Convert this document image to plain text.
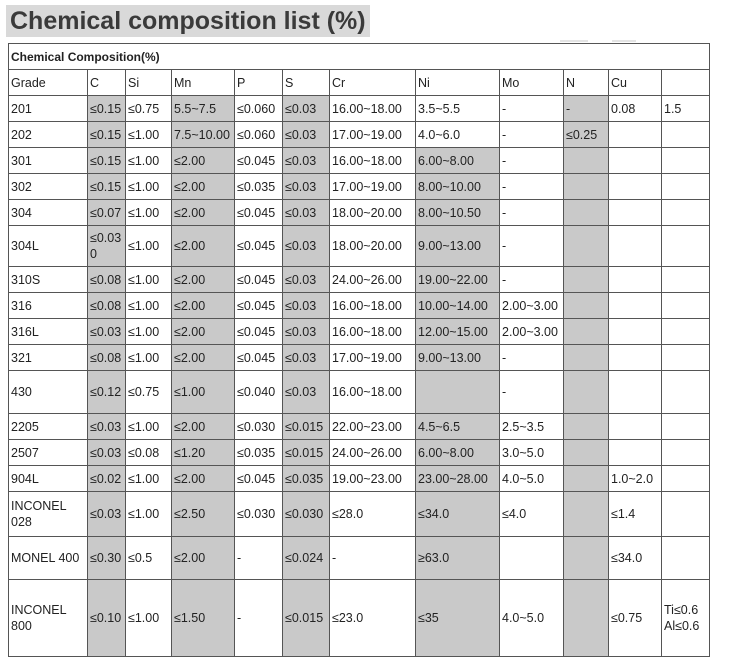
Chemical composition list (%)
Chemical Composition(%)											
Grade	C	Si	Mn	P	S	Cr	Ni	Mo	N	Cu	
201	≤0.15	≤0.75	5.5~7.5	≤0.060	≤0.03	16.00~18.00	3.5~5.5	-	-	0.08	1.5
202	≤0.15	≤1.00	7.5~10.00	≤0.060	≤0.03	17.00~19.00	4.0~6.0	-	≤0.25		
301	≤0.15	≤1.00	≤2.00	≤0.045	≤0.03	16.00~18.00	6.00~8.00	-			
302	≤0.15	≤1.00	≤2.00	≤0.035	≤0.03	17.00~19.00	8.00~10.00	-			
304	≤0.07	≤1.00	≤2.00	≤0.045	≤0.03	18.00~20.00	8.00~10.50	-			
304L	≤0.030	≤1.00	≤2.00	≤0.045	≤0.03	18.00~20.00	9.00~13.00	-			
310S	≤0.08	≤1.00	≤2.00	≤0.045	≤0.03	24.00~26.00	19.00~22.00	-			
316	≤0.08	≤1.00	≤2.00	≤0.045	≤0.03	16.00~18.00	10.00~14.00	2.00~3.00			
316L	≤0.03	≤1.00	≤2.00	≤0.045	≤0.03	16.00~18.00	12.00~15.00	2.00~3.00			
321	≤0.08	≤1.00	≤2.00	≤0.045	≤0.03	17.00~19.00	9.00~13.00	-			
430	≤0.12	≤0.75	≤1.00	≤0.040	≤0.03	16.00~18.00		-			
2205	≤0.03	≤1.00	≤2.00	≤0.030	≤0.015	22.00~23.00	4.5~6.5	2.5~3.5			
2507	≤0.03	≤0.08	≤1.20	≤0.035	≤0.015	24.00~26.00	6.00~8.00	3.0~5.0			
904L	≤0.02	≤1.00	≤2.00	≤0.045	≤0.035	19.00~23.00	23.00~28.00	4.0~5.0		1.0~2.0	
INCONEL 028	≤0.03	≤1.00	≤2.50	≤0.030	≤0.030	≤28.0	≤34.0	≤4.0		≤1.4	
MONEL 400	≤0.30	≤0.5	≤2.00	-	≤0.024	-	≥63.0			≤34.0	
INCONEL 800	≤0.10	≤1.00	≤1.50	-	≤0.015	≤23.0	≤35	4.0~5.0		≤0.75	Ti≤0.6 Al≤0.6
